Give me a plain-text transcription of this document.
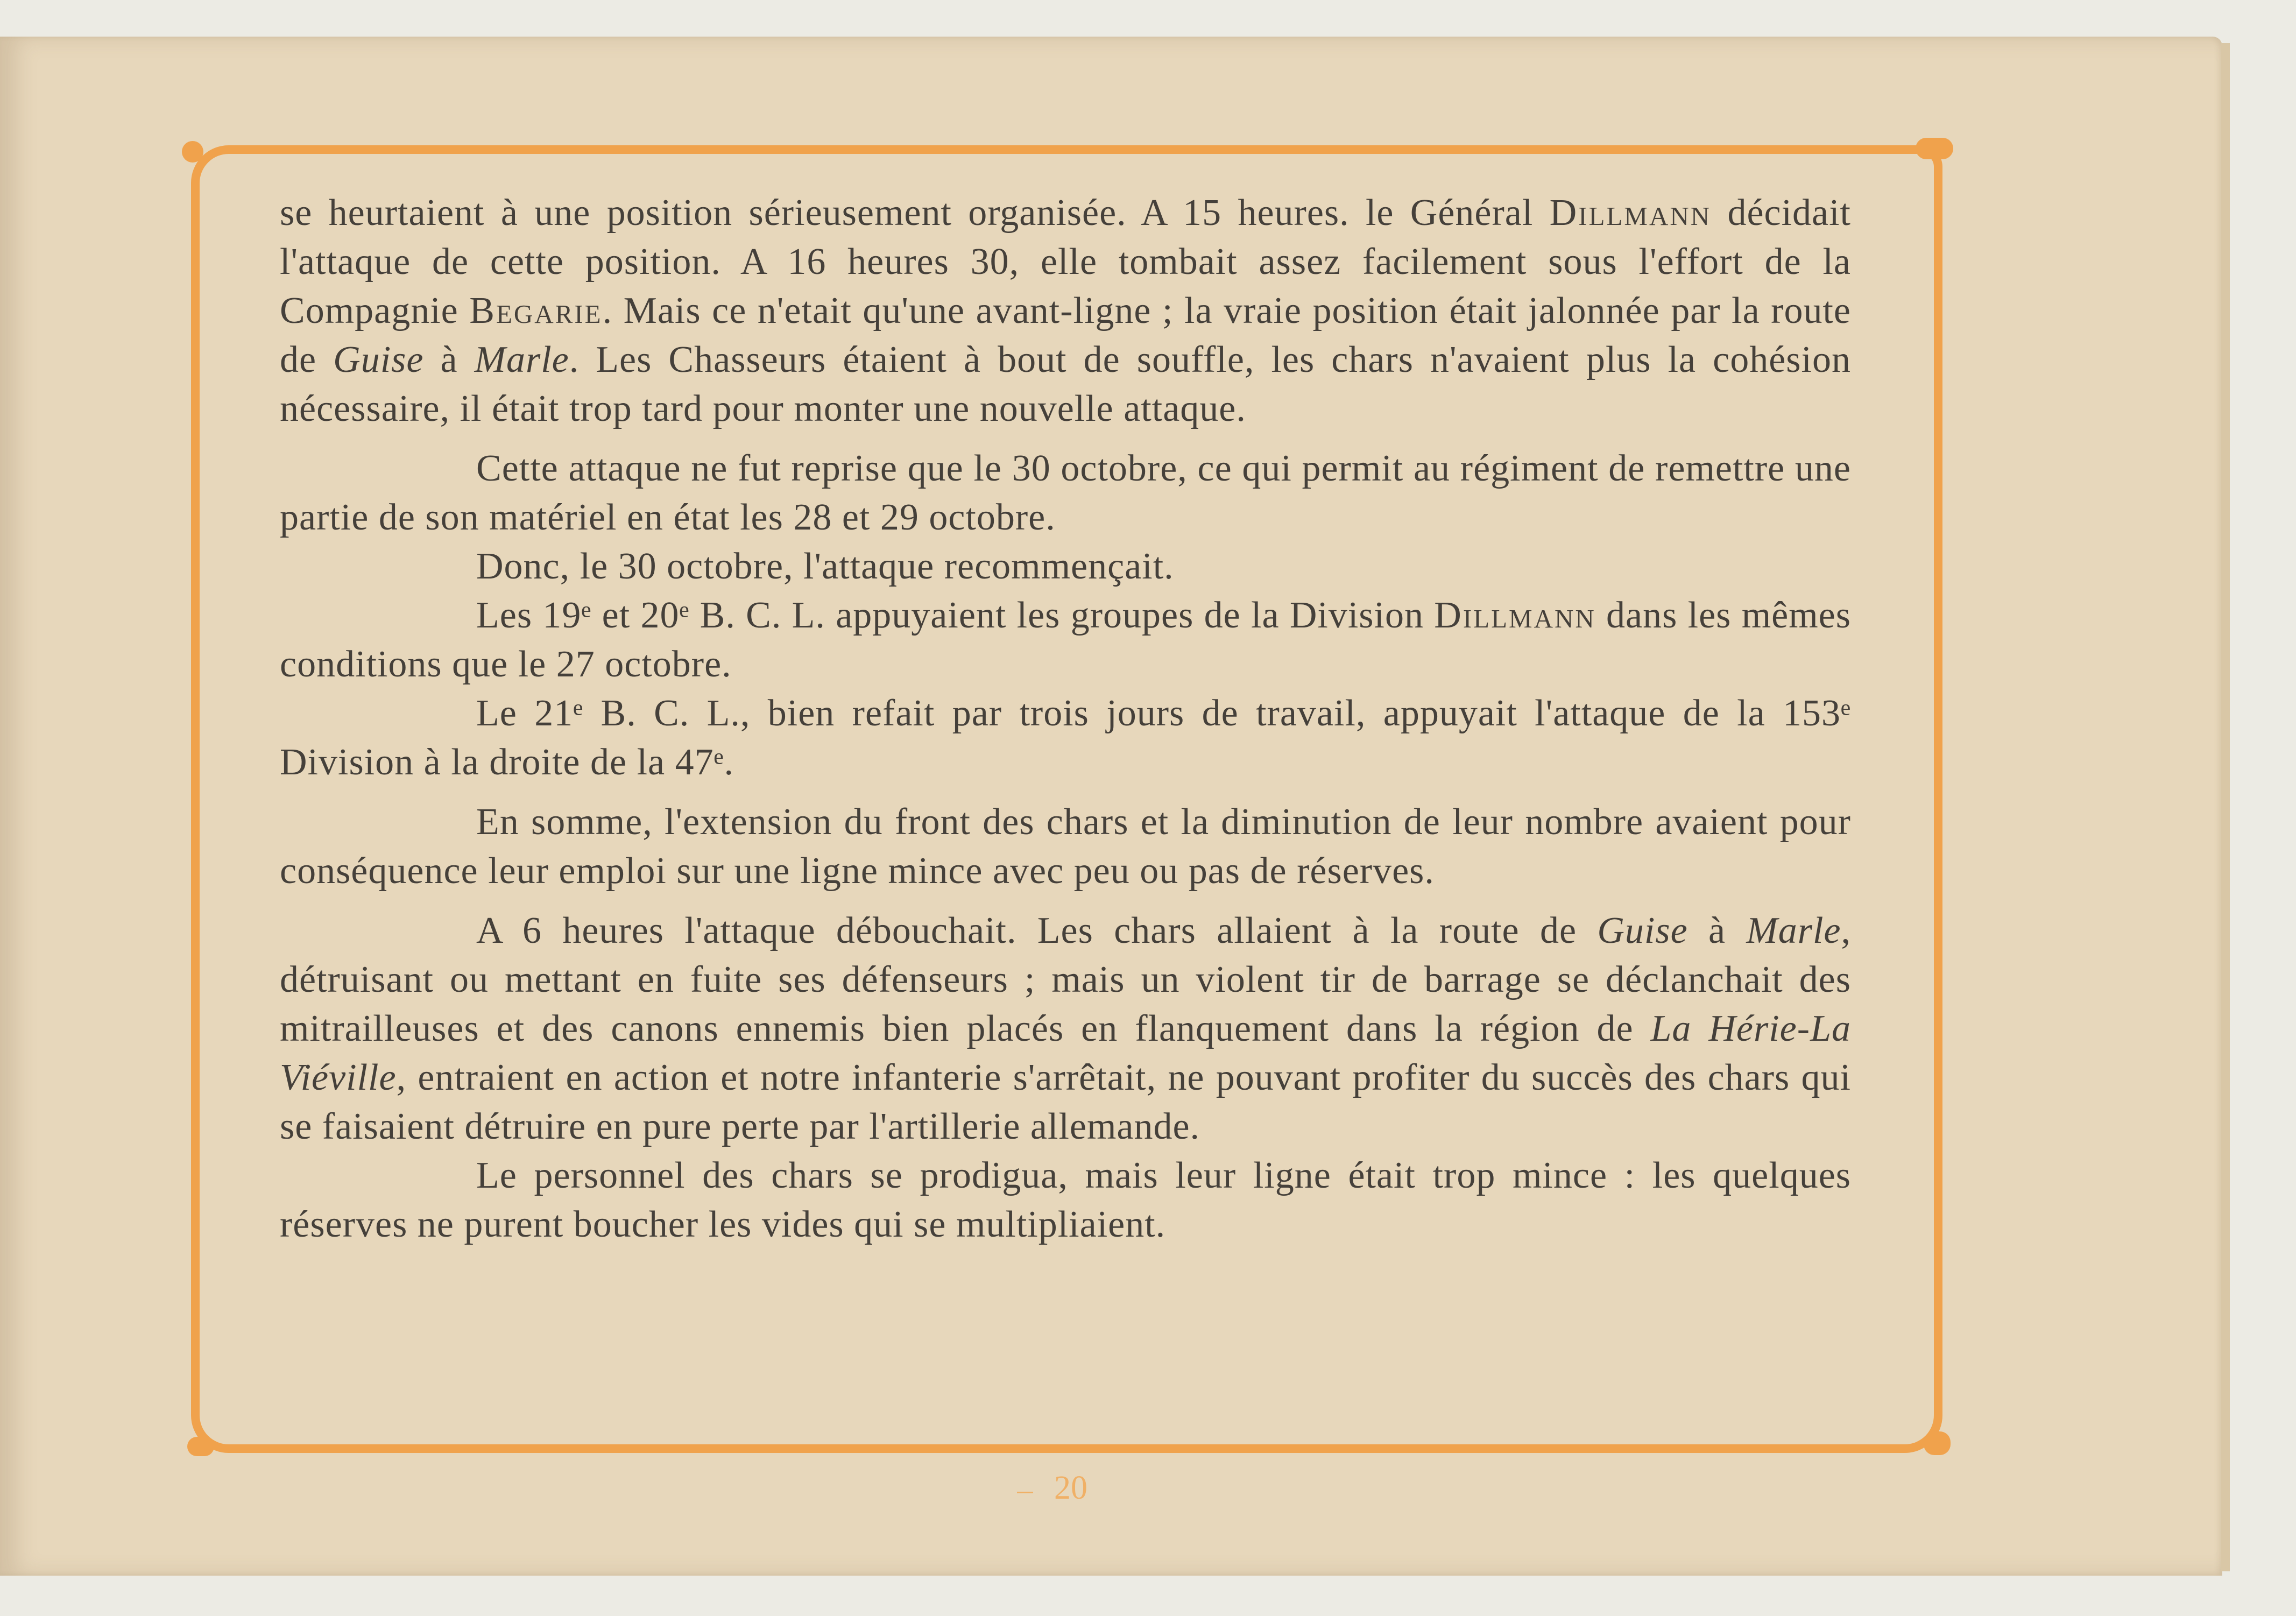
se heurtaient à une position sérieusement organisée. A 15 heures. le Général Dillmann décidait l'attaque de cette position. A 16 heures 30, elle tombait assez facilement sous l'effort de la Compagnie Begarie. Mais ce n'etait qu'une avant-ligne ; la vraie position était jalonnée par la route de Guise à Marle. Les Chasseurs étaient à bout de souffle, les chars n'avaient plus la cohésion nécessaire, il était trop tard pour monter une nouvelle attaque.

Cette attaque ne fut reprise que le 30 octobre, ce qui permit au régiment de remettre une partie de son matériel en état les 28 et 29 octobre.

Donc, le 30 octobre, l'attaque recommençait.

Les 19ᵉ et 20ᵉ B. C. L. appuyaient les groupes de la Division Dillmann dans les mêmes conditions que le 27 octobre.

Le 21ᵉ B. C. L., bien refait par trois jours de travail, appuyait l'attaque de la 153ᵉ Division à la droite de la 47ᵉ.

En somme, l'extension du front des chars et la diminution de leur nombre avaient pour conséquence leur emploi sur une ligne mince avec peu ou pas de réserves.

A 6 heures l'attaque débouchait. Les chars allaient à la route de Guise à Marle, détruisant ou mettant en fuite ses défenseurs ; mais un violent tir de barrage se déclanchait des mitrailleuses et des canons ennemis bien placés en flanquement dans la région de La Hérie-La Viéville, entraient en action et notre infanterie s'arrêtait, ne pouvant profiter du succès des chars qui se faisaient détruire en pure perte par l'artillerie allemande.

Le personnel des chars se prodigua, mais leur ligne était trop mince : les quelques réserves ne purent boucher les vides qui se multipliaient.

20
